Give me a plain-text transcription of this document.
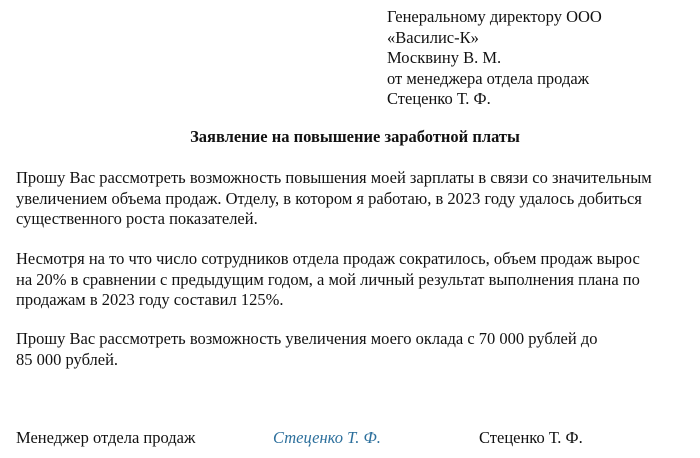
Генеральному директору ООО
«Василис-К»
Москвину В. М.
от менеджера отдела продаж
Стеценко Т. Ф.
Заявление на повышение заработной платы
Прошу Вас рассмотреть возможность повышения моей зарплаты в связи со значительным
увеличением объема продаж. Отделу, в котором я работаю, в 2023 году удалось добиться
существенного роста показателей.
Несмотря на то что число сотрудников отдела продаж сократилось, объем продаж вырос
на 20% в сравнении с предыдущим годом, а мой личный результат выполнения плана по
продажам в 2023 году составил 125%.
Прошу Вас рассмотреть возможность увеличения моего оклада с 70 000 рублей до
85 000 рублей.
Менеджер отдела продаж	Стеценко Т. Ф.	Стеценко Т. Ф.
